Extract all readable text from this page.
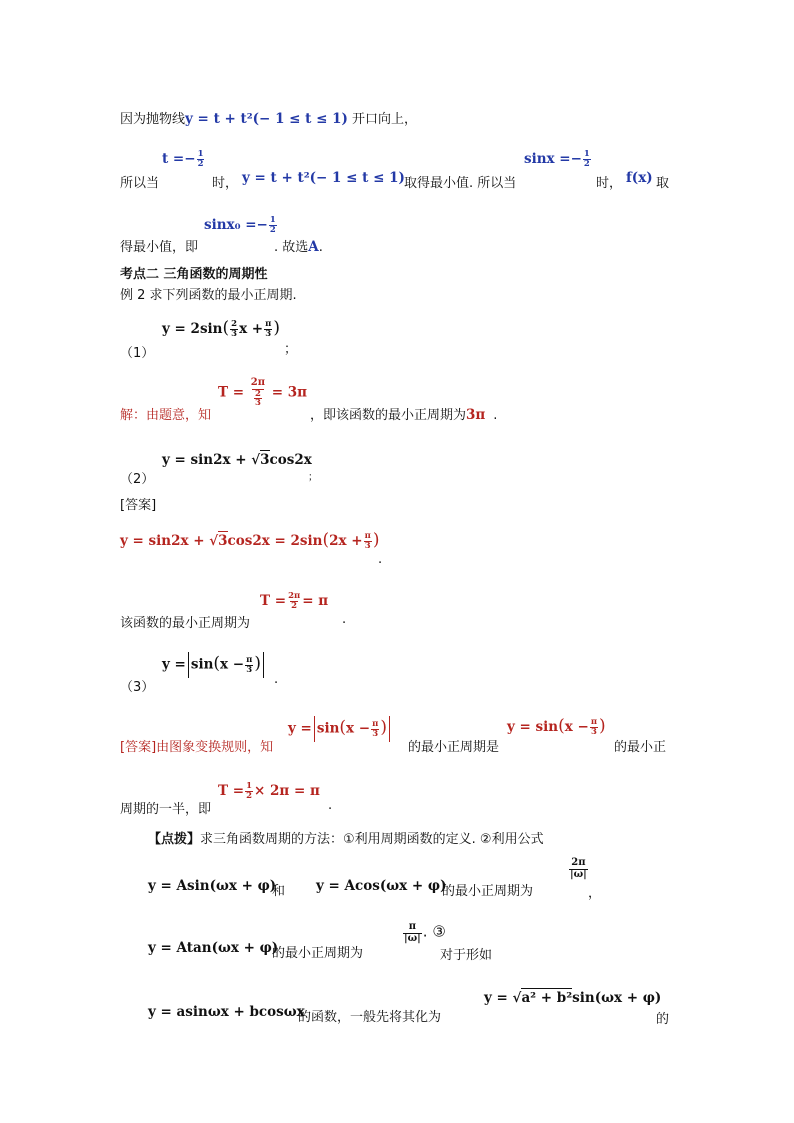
因为抛物线y = t + t²(− 1 ≤ t ≤ 1) 开口向上，
所以当
$t =- \frac{1}{2}$
时， y = t + t²(− 1 ≤ t ≤ 1) 取得最小值. 所以当
$\sin x =- \frac{1}{2}$
时， f(x) 取
得最小值，即
$\sin x_0 =- \frac{1}{2}$
. 故选A.
考点二 三角函数的周期性
例 2 求下列函数的最小正周期.
（1）
$y = 2\sin( \frac{2}{3}$ $x + \frac{\pi}{3}$ )
；
解：由题意，知
$T = \frac{2\pi}{\frac{2}{3}} = 3\pi$
，即该函数的最小正周期为3π .
（2）
y = sin2x + √3cos2x
；
[答案]
$y = \sin 2x + √3\cos 2x = 2\sin(2x + \frac{\pi}{3}$ )
.
该函数的最小正周期为
$T = \frac{2\pi}{2} = \pi$
.
（3）
$y = \sin(x - \frac{\pi}{3}$ )
.
[答案]由图象变换规则，知
$y = \sin(x - \frac{\pi}{3}$ )
的最小正周期是
$y = \sin(x - \frac{\pi}{3}$ )
的最小正
周期的一半，即
$T = \frac{1}{2} \times 2\pi = \pi$
.
【点拨】求三角函数周期的方法：①利用周期函数的定义. ②利用公式
y = Asin(ωx + φ)
和 y = Acos(ωx + φ)
的最小正周期为
$\frac{2\pi}{|\omega|}$
，
y = Atan(ωx + φ)
的最小正周期为
$\frac{\pi}{|\omega|}$ . ③
对于形如
y = asinωx + bcosωx
的函数，一般先将其化为
y = √a² + b²sin(ωx + φ)
的
